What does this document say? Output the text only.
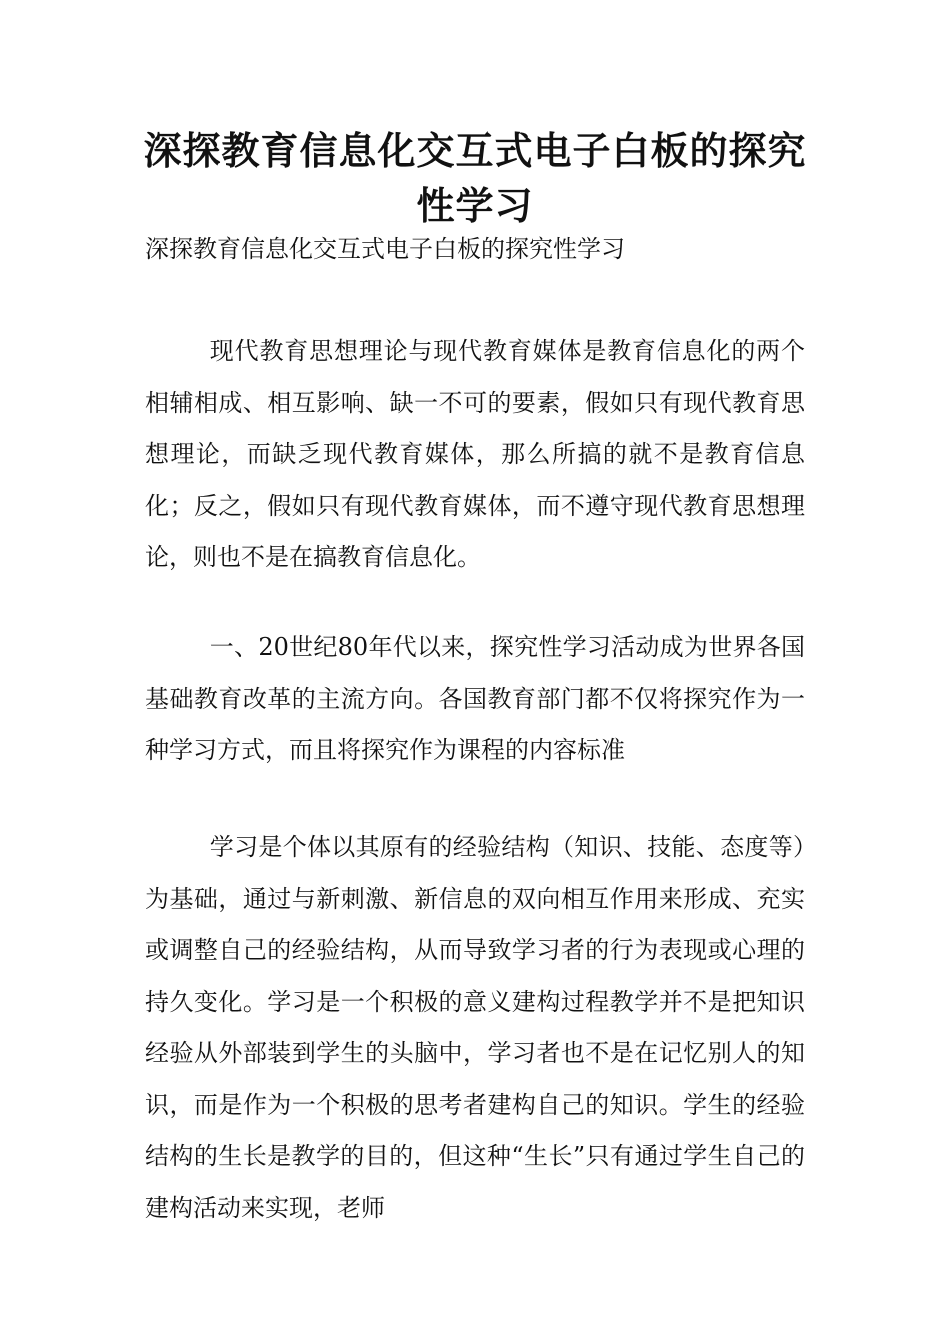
深探教育信息化交互式电子白板的探究性学习

深探教育信息化交互式电子白板的探究性学习

现代教育思想理论与现代教育媒体是教育信息化的两个相辅相成、相互影响、缺一不可的要素，假如只有现代教育思想理论，而缺乏现代教育媒体，那么所搞的就不是教育信息化；反之，假如只有现代教育媒体，而不遵守现代教育思想理论，则也不是在搞教育信息化。

一、20世纪80年代以来，探究性学习活动成为世界各国基础教育改革的主流方向。各国教育部门都不仅将探究作为一种学习方式，而且将探究作为课程的内容标准

学习是个体以其原有的经验结构（知识、技能、态度等）为基础，通过与新刺激、新信息的双向相互作用来形成、充实或调整自己的经验结构，从而导致学习者的行为表现或心理的持久变化。学习是一个积极的意义建构过程教学并不是把知识经验从外部装到学生的头脑中，学习者也不是在记忆别人的知识，而是作为一个积极的思考者建构自己的知识。学生的经验结构的生长是教学的目的，但这种“生长”只有通过学生自己的建构活动来实现，老师
